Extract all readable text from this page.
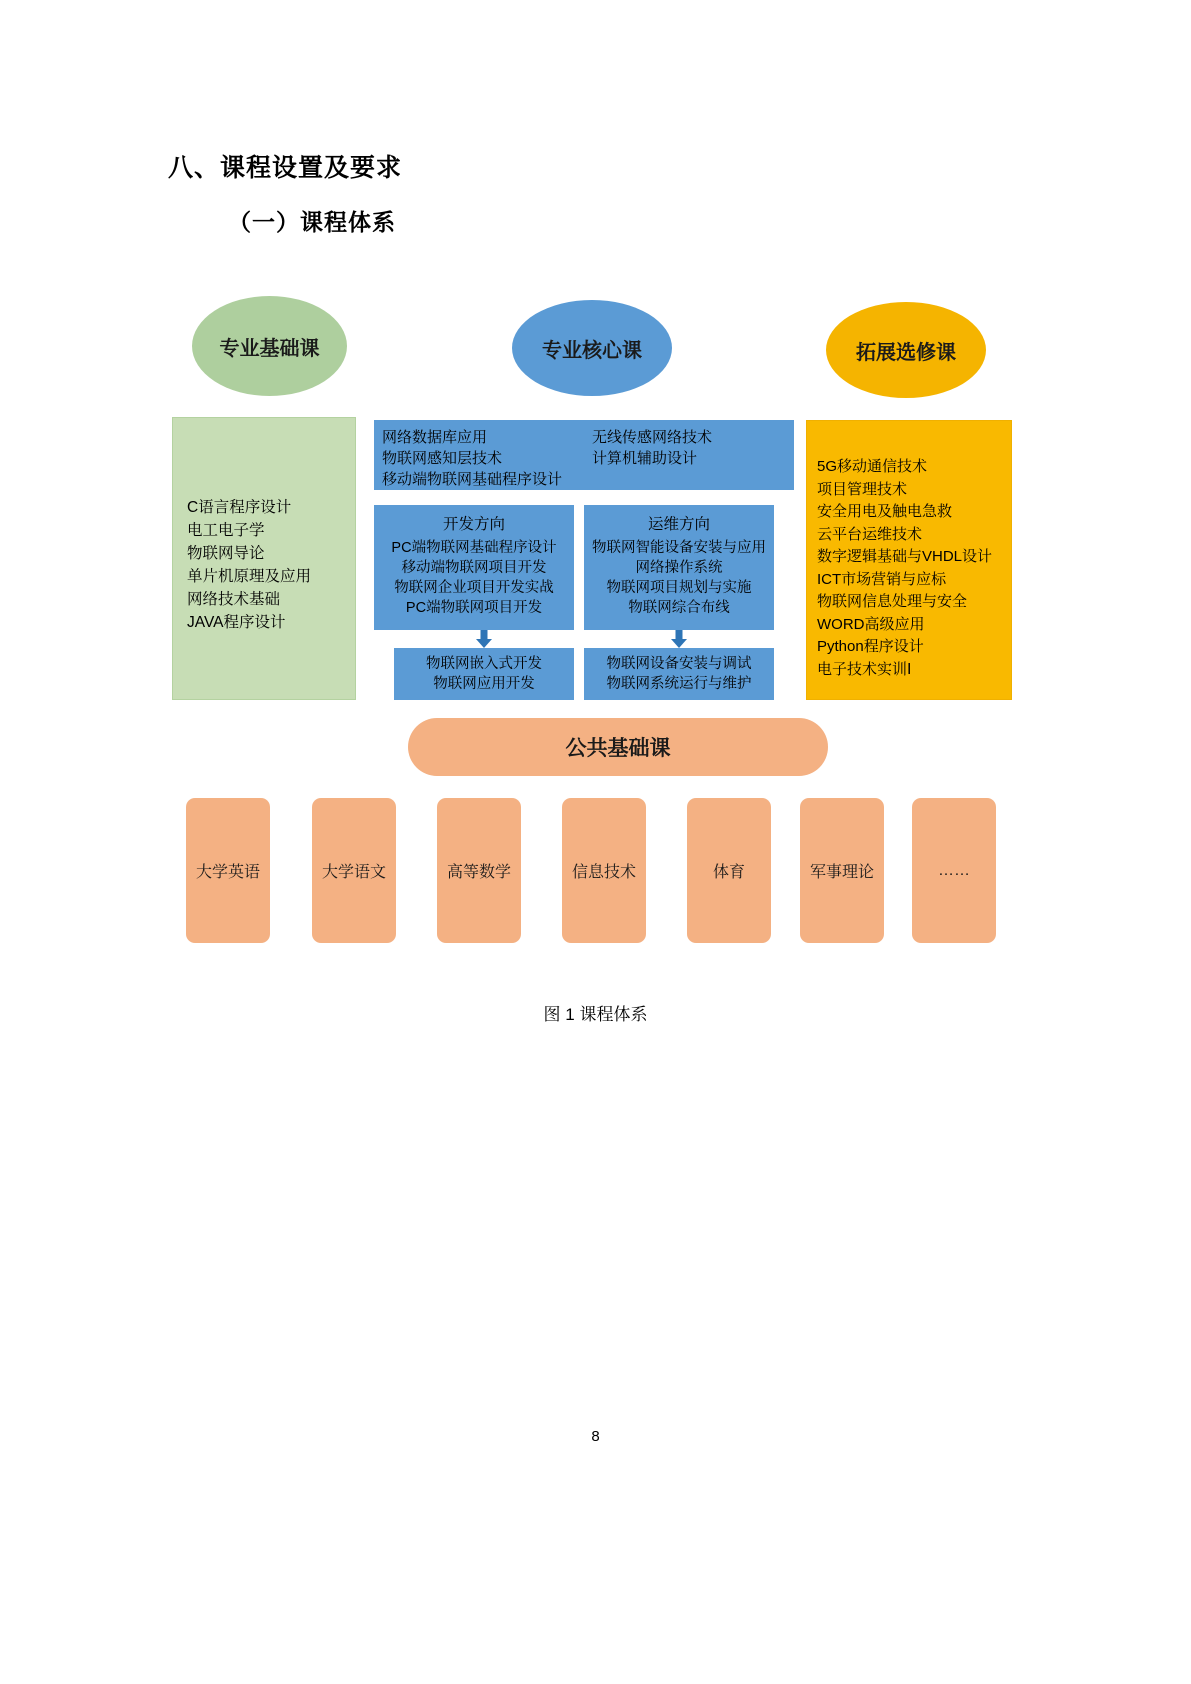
八、课程设置及要求
（一）课程体系
专业基础课	专业核心课	拓展选修课
C语言程序设计
电工电子学
物联网导论
单片机原理及应用
网络技术基础
JAVA程序设计
网络数据库应用
物联网感知层技术
移动端物联网基础程序设计
无线传感网络技术
计算机辅助设计
开发方向
PC端物联网基础程序设计
移动端物联网项目开发
物联网企业项目开发实战
PC端物联网项目开发
运维方向
物联网智能设备安装与应用
网络操作系统
物联网项目规划与实施
物联网综合布线
物联网嵌入式开发
物联网应用开发
物联网设备安装与调试
物联网系统运行与维护
5G移动通信技术
项目管理技术
安全用电及触电急救
云平台运维技术
数字逻辑基础与VHDL设计
ICT市场营销与应标
物联网信息处理与安全
WORD高级应用
Python程序设计
电子技术实训Ⅰ
公共基础课
大学英语	大学语文	高等数学	信息技术	体育	军事理论	……
图 1 课程体系
8
